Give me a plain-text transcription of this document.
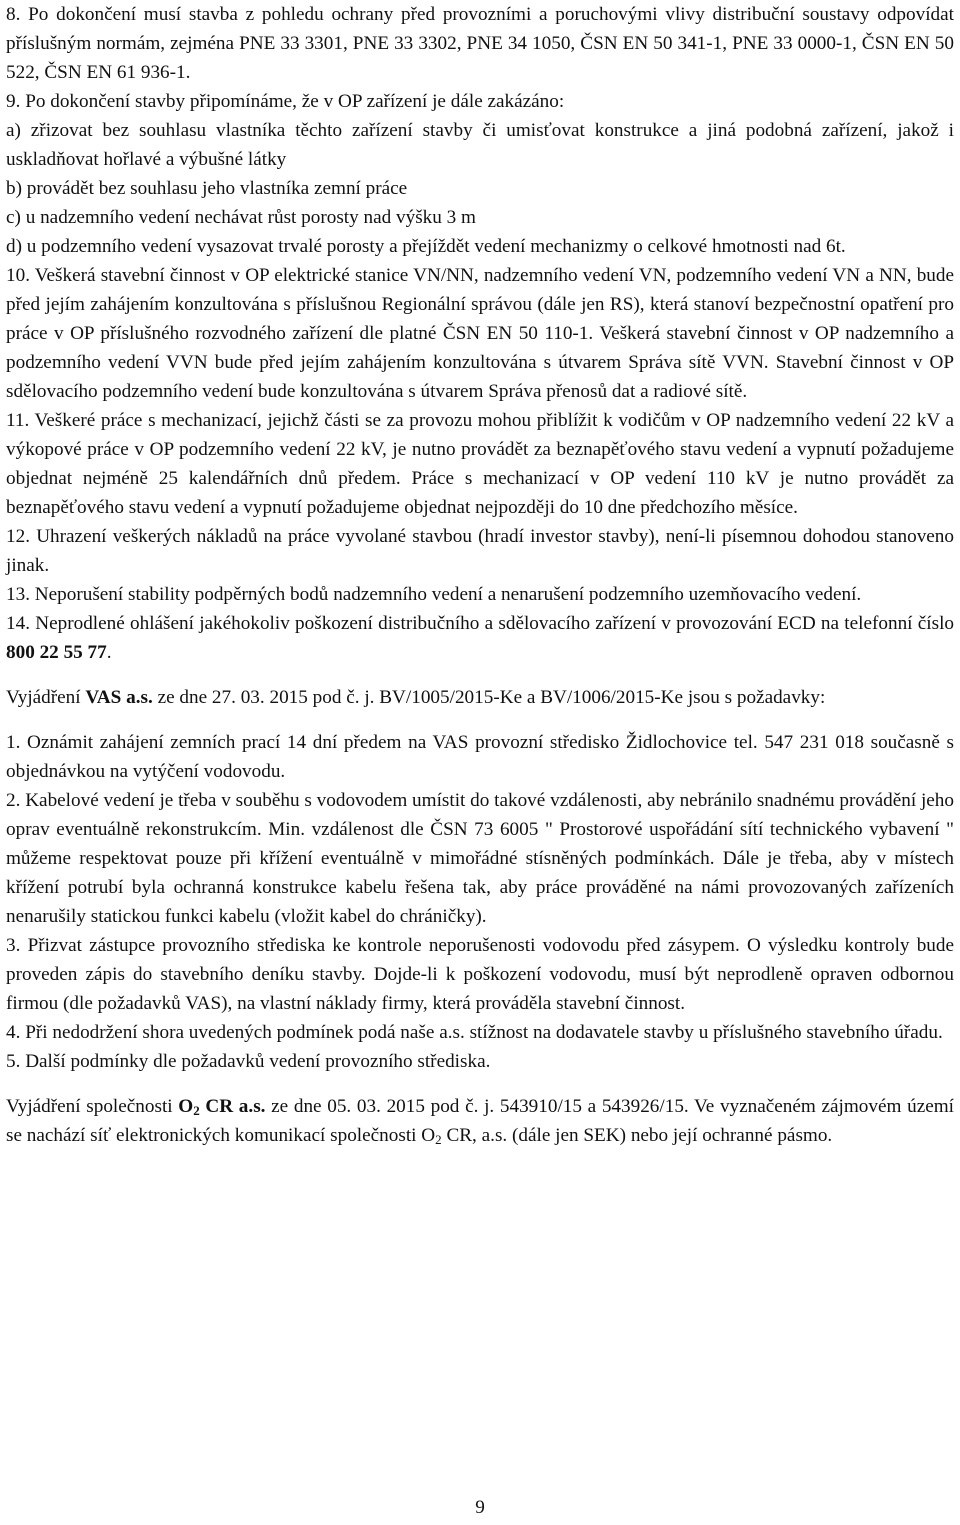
8. Po dokončení musí stavba z pohledu ochrany před provozními a poruchovými vlivy distribuční soustavy odpovídat příslušným normám, zejména PNE 33 3301, PNE 33 3302, PNE 34 1050, ČSN EN 50 341-1, PNE 33 0000-1, ČSN EN 50 522, ČSN EN 61 936-1.

9. Po dokončení stavby připomínáme, že v OP zařízení je dále zakázáno:

a) zřizovat bez souhlasu vlastníka těchto zařízení stavby či umisťovat konstrukce a jiná podobná zařízení, jakož i uskladňovat hořlavé a výbušné látky

b) provádět bez souhlasu jeho vlastníka zemní práce

c) u nadzemního vedení nechávat růst porosty nad výšku 3 m

d) u podzemního vedení vysazovat trvalé porosty a přejíždět vedení mechanizmy o celkové hmotnosti nad 6t.

10. Veškerá stavební činnost v OP elektrické stanice VN/NN, nadzemního vedení VN, podzemního vedení VN a NN, bude před jejím zahájením konzultována s příslušnou Regionální správou (dále jen RS), která stanoví bezpečnostní opatření pro práce v OP příslušného rozvodného zařízení dle platné ČSN EN 50 110-1. Veškerá stavební činnost v OP nadzemního a podzemního vedení VVN bude před jejím zahájením konzultována s útvarem Správa sítě VVN. Stavební činnost v OP sdělovacího podzemního vedení bude konzultována s útvarem Správa přenosů dat a radiové sítě.

11. Veškeré práce s mechanizací, jejichž části se za provozu mohou přiblížit k vodičům v OP nadzemního vedení 22 kV a výkopové práce v OP podzemního vedení 22 kV, je nutno provádět za beznapěťového stavu vedení a vypnutí požadujeme objednat nejméně 25 kalendářních dnů předem. Práce s mechanizací v OP vedení 110 kV je nutno provádět za beznapěťového stavu vedení a vypnutí požadujeme objednat nejpozději do 10 dne předchozího měsíce.

12. Uhrazení veškerých nákladů na práce vyvolané stavbou (hradí investor stavby), není-li písemnou dohodou stanoveno jinak.

13. Neporušení stability podpěrných bodů nadzemního vedení a nenarušení podzemního uzemňovacího vedení.

14. Neprodlené ohlášení jakéhokoliv poškození distribučního a sdělovacího zařízení v provozování ECD na telefonní číslo 800 22 55 77.

Vyjádření VAS a.s. ze dne 27. 03. 2015 pod č. j. BV/1005/2015-Ke a BV/1006/2015-Ke jsou s požadavky:

1. Oznámit zahájení zemních prací 14 dní předem na VAS provozní středisko Židlochovice tel. 547 231 018 současně s objednávkou na vytýčení vodovodu.

2. Kabelové vedení je třeba v souběhu s vodovodem umístit do takové vzdálenosti, aby nebránilo snadnému provádění jeho oprav eventuálně rekonstrukcím. Min. vzdálenost dle ČSN 73 6005 " Prostorové uspořádání sítí technického vybavení " můžeme respektovat pouze při křížení eventuálně v mimořádné stísněných podmínkách. Dále je třeba, aby v místech křížení potrubí byla ochranná konstrukce kabelu řešena tak, aby práce prováděné na námi provozovaných zařízeních nenarušily statickou funkci kabelu (vložit kabel do chráničky).

3. Přizvat zástupce provozního střediska ke kontrole neporušenosti vodovodu před zásypem. O výsledku kontroly bude proveden zápis do stavebního deníku stavby. Dojde-li k poškození vodovodu, musí být neprodleně opraven odbornou firmou (dle požadavků VAS), na vlastní náklady firmy, která prováděla stavební činnost.

4. Při nedodržení shora uvedených podmínek podá naše a.s. stížnost na dodavatele stavby u příslušného stavebního úřadu.

5. Další podmínky dle požadavků vedení provozního střediska.

Vyjádření společnosti $O_2$ CR a.s. ze dne 05. 03. 2015 pod č. j. 543910/15 a 543926/15. Ve vyznačeném zájmovém území se nachází síť elektronických komunikací společnosti $O_2$ CR, a.s. (dále jen SEK) nebo její ochranné pásmo.

9
